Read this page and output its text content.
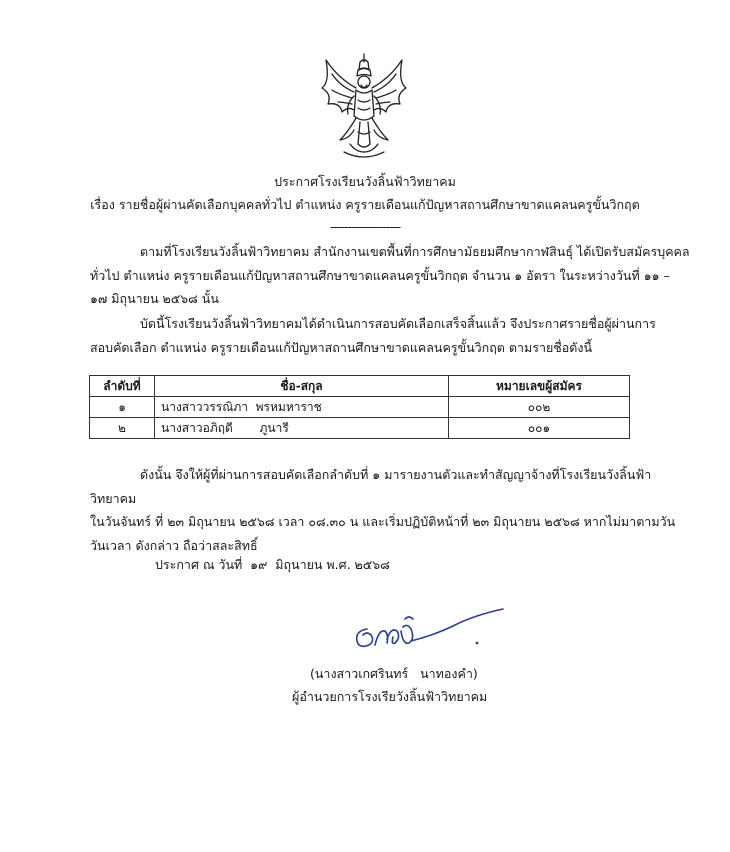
ประกาศโรงเรียนวังลิ้นฟ้าวิทยาคม
เรื่อง รายชื่อผู้ผ่านคัดเลือกบุคคลทั่วไป ตำแหน่ง ครูรายเดือนแก้ปัญหาสถานศึกษาขาดแคลนครูขั้นวิกฤต
--------------------
ตามที่โรงเรียนวังลิ้นฟ้าวิทยาคม สำนักงานเขตพื้นที่การศึกษามัธยมศึกษากาฬสินธุ์ ได้เปิดรับสมัครบุคคล
ทั่วไป ตำแหน่ง ครูรายเดือนแก้ปัญหาสถานศึกษาขาดแคลนครูขั้นวิกฤต จำนวน ๑ อัตรา ในระหว่างวันที่ ๑๑ –
๑๗ มิถุนายน ๒๕๖๘ นั้น
บัดนี้โรงเรียนวังลิ้นฟ้าวิทยาคมได้ดำเนินการสอบคัดเลือกเสร็จสิ้นแล้ว จึงประกาศรายชื่อผู้ผ่านการ
สอบคัดเลือก ตำแหน่ง ครูรายเดือนแก้ปัญหาสถานศึกษาขาดแคลนครูขั้นวิกฤต ตามรายชื่อดังนี้
ลำดับที่	ชื่อ-สกุล	หมายเลขผู้สมัคร
๑	นางสาววรรณิภา  พรหมหาราช	๐๐๒
๒	นางสาวอภิฤดี       ภูนารี	๐๐๑
ดังนั้น จึงให้ผู้ที่ผ่านการสอบคัดเลือกลำดับที่ ๑ มารายงานตัวและทำสัญญาจ้างที่โรงเรียนวังลิ้นฟ้าวิทยาคม
ในวันจันทร์ ที่ ๒๓ มิถุนายน ๒๕๖๘ เวลา ๐๘.๓๐ น และเริ่มปฏิบัติหน้าที่ ๒๓ มิถุนายน ๒๕๖๘ หากไม่มาตามวัน
วันเวลา ดังกล่าว ถือว่าสละสิทธิ์
ประกาศ ณ วันที่  ๑๙  มิถุนายน พ.ศ. ๒๕๖๘
(นางสาวเกศรินทร์   นาทองคำ)
ผู้อำนวยการโรงเรียวังลิ้นฟ้าวิทยาคม
